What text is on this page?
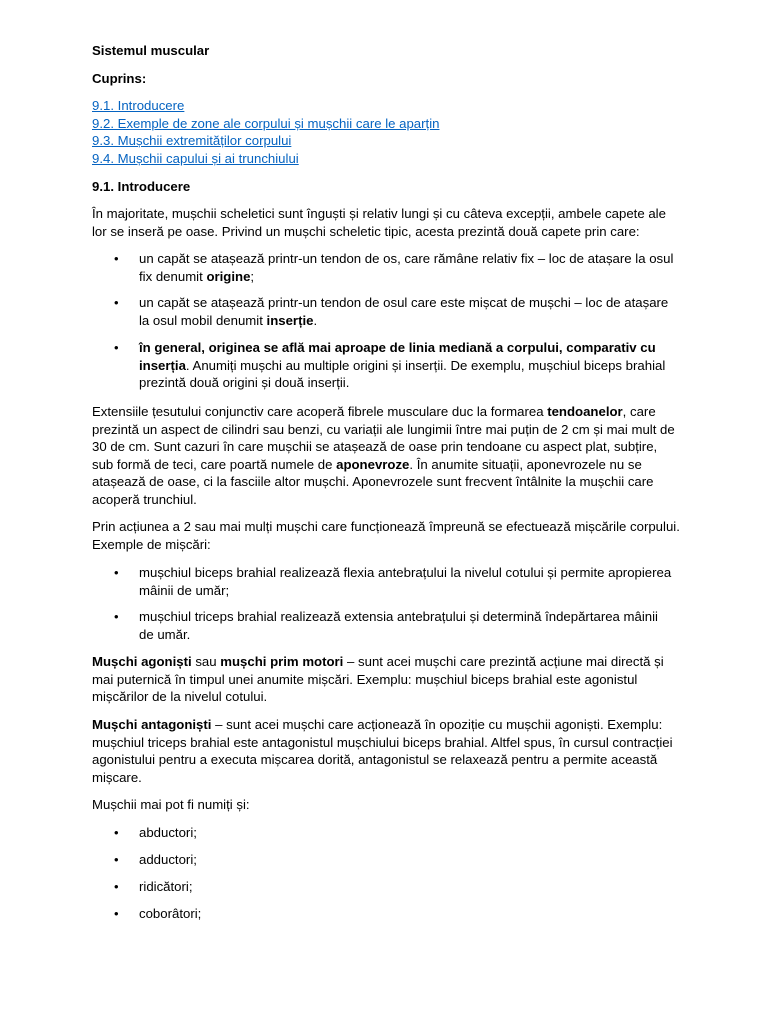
Sistemul muscular

Cuprins:

9.1. Introducere
9.2. Exemple de zone ale corpului și mușchii care le aparțin
9.3. Mușchii extremităților corpului
9.4. Mușchii capului și ai trunchiului

9.1. Introducere

În majoritate, mușchii scheletici sunt înguști și relativ lungi și cu câteva excepții, ambele capete ale lor se inseră pe oase. Privind un mușchi scheletic tipic, acesta prezintă două capete prin care:

• un capăt se atașează printr-un tendon de os, care rămâne relativ fix – loc de atașare la osul fix denumit origine;
• un capăt se atașează printr-un tendon de osul care este mișcat de mușchi – loc de atașare la osul mobil denumit inserție.
• în general, originea se află mai aproape de linia mediană a corpului, comparativ cu inserția. Anumiți mușchi au multiple origini și inserții. De exemplu, mușchiul biceps brahial prezintă două origini și două inserții.

Extensiile țesutului conjunctiv care acoperă fibrele musculare duc la formarea tendoanelor, care prezintă un aspect de cilindri sau benzi, cu variații ale lungimii între mai puțin de 2 cm și mai mult de 30 de cm. Sunt cazuri în care mușchii se atașează de oase prin tendoane cu aspect plat, subțire, sub formă de teci, care poartă numele de aponevroze. În anumite situații, aponevrozele nu se atașează de oase, ci la fasciile altor mușchi. Aponevrozele sunt frecvent întâlnite la mușchii care acoperă trunchiul.

Prin acțiunea a 2 sau mai mulți mușchi care funcționează împreună se efectuează mișcările corpului. Exemple de mișcări:

• mușchiul biceps brahial realizează flexia antebrațului la nivelul cotului și permite apropierea mâinii de umăr;
• mușchiul triceps brahial realizează extensia antebrațului și determină îndepărtarea mâinii de umăr.

Mușchi agoniști sau mușchi prim motori – sunt acei mușchi care prezintă acțiune mai directă și mai puternică în timpul unei anumite mișcări. Exemplu: mușchiul biceps brahial este agonistul mișcărilor de la nivelul cotului.

Mușchi antagoniști – sunt acei mușchi care acționează în opoziție cu mușchii agoniști. Exemplu: mușchiul triceps brahial este antagonistul mușchiului biceps brahial. Altfel spus, în cursul contracției agonistului pentru a executa mișcarea dorită, antagonistul se relaxează pentru a permite această mișcare.

Mușchii mai pot fi numiți și:

• abductori;
• adductori;
• ridicători;
• coborâtori;
